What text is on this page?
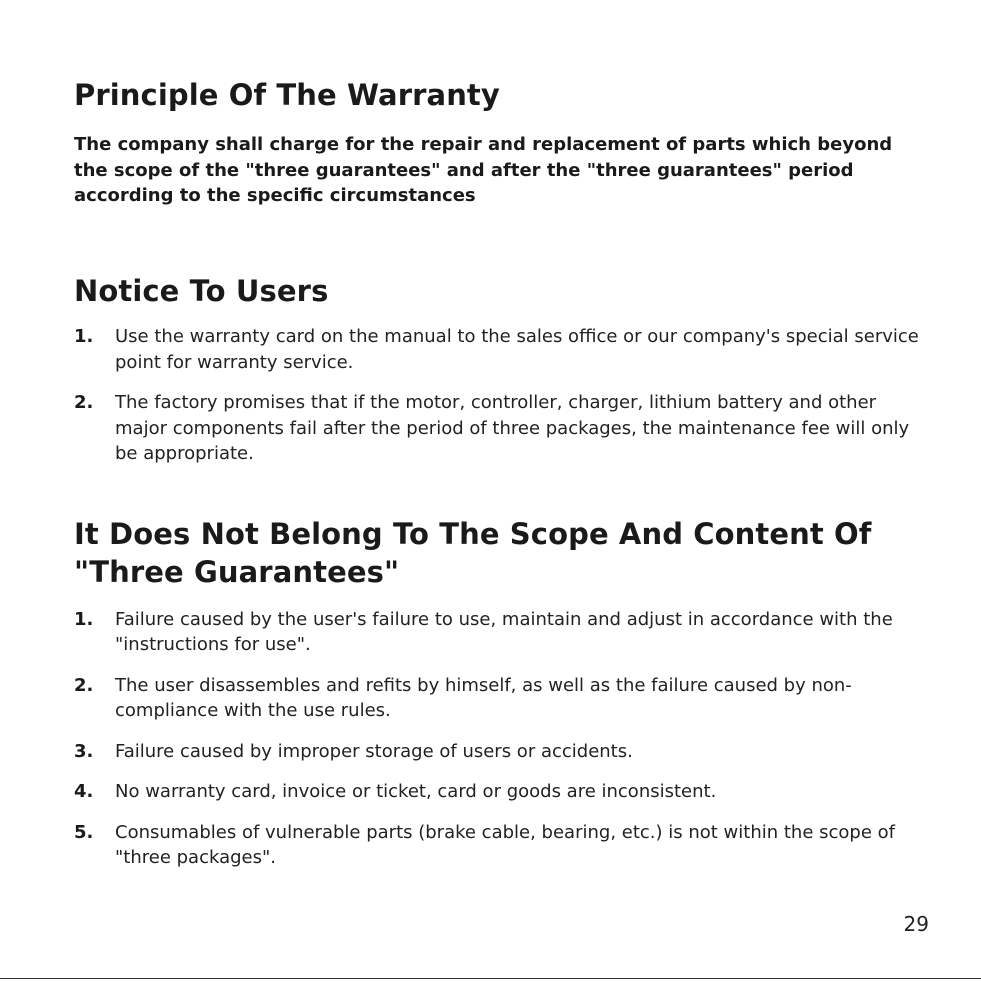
Principle Of The Warranty

The company shall charge for the repair and replacement of parts which beyond the scope of the "three guarantees" and after the "three guarantees" period according to the specific circumstances

Notice To Users
1. Use the warranty card on the manual to the sales office or our company's special service point for warranty service.
2. The factory promises that if the motor, controller, charger, lithium battery and other major components fail after the period of three packages, the maintenance fee will only be appropriate.
It Does Not Belong To The Scope And Content Of "Three Guarantees"
1. Failure caused by the user's failure to use, maintain and adjust in accordance with the "instructions for use".
2. The user disassembles and refits by himself, as well as the failure caused by non-compliance with the use rules.
3. Failure caused by improper storage of users or accidents.
4. No warranty card, invoice or ticket, card or goods are inconsistent.
5. Consumables of vulnerable parts (brake cable, bearing, etc.) is not within the scope of "three packages".
29
